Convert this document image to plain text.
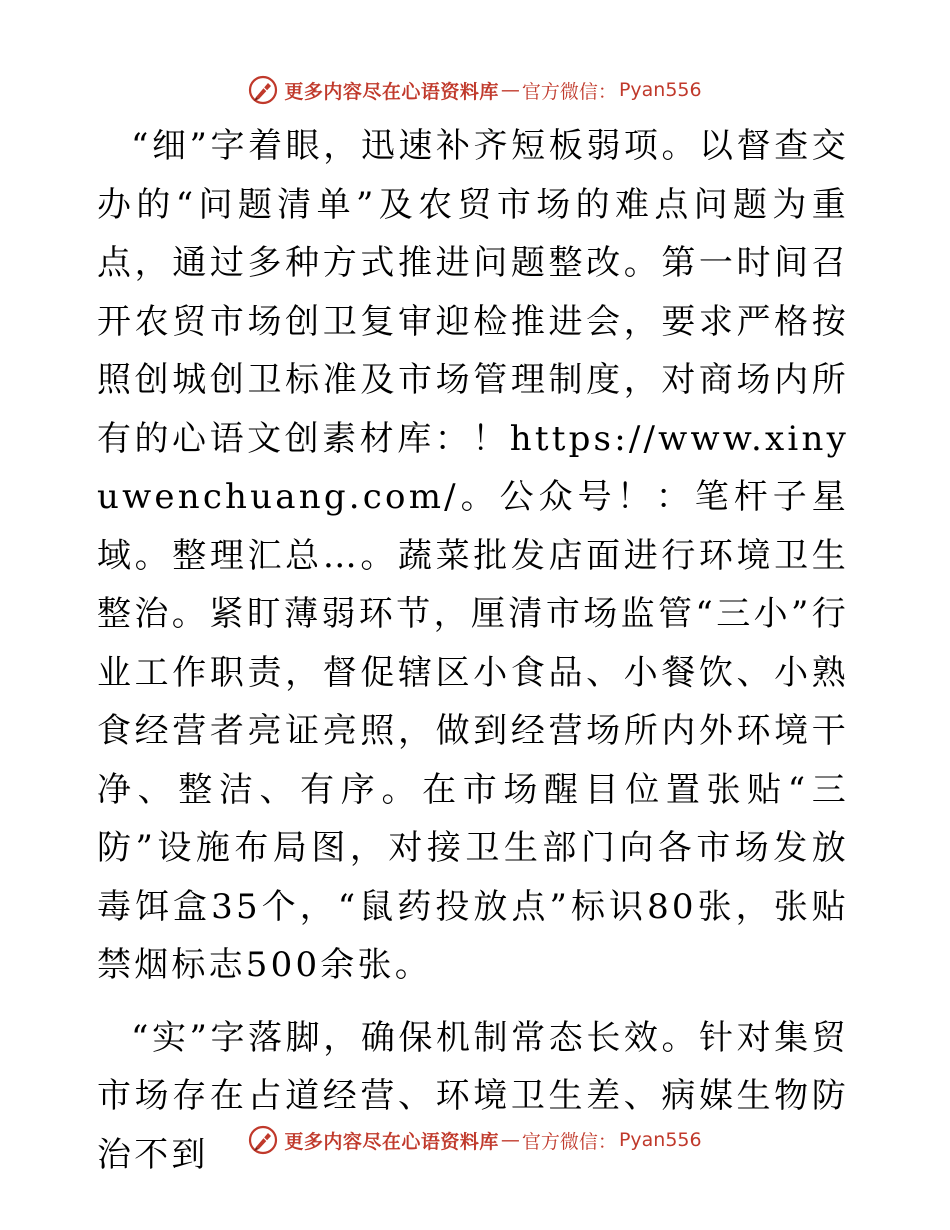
更多内容尽在心语资料库 — 官方微信： Pyan556

“细”字着眼，迅速补齐短板弱项。以督查交办的“问题清单”及农贸市场的难点问题为重点，通过多种方式推进问题整改。第一时间召开农贸市场创卫复审迎检推进会，要求严格按照创城创卫标准及市场管理制度，对商场内所有的心语文创素材库：！https://www.xinyuwenchuang.com/。公众号！：笔杆子星域。整理汇总…。蔬菜批发店面进行环境卫生整治。紧盯薄弱环节，厘清市场监管“三小”行业工作职责，督促辖区小食品、小餐饮、小熟食经营者亮证亮照，做到经营场所内外环境干净、整洁、有序。在市场醒目位置张贴“三防”设施布局图，对接卫生部门向各市场发放毒饵盒35个，“鼠药投放点”标识80张，张贴禁烟标志500余张。

“实”字落脚，确保机制常态长效。针对集贸市场存在占道经营、环境卫生差、病媒生物防治不到	更多内容尽在心语资料库 — 官方微信： Pyan556
